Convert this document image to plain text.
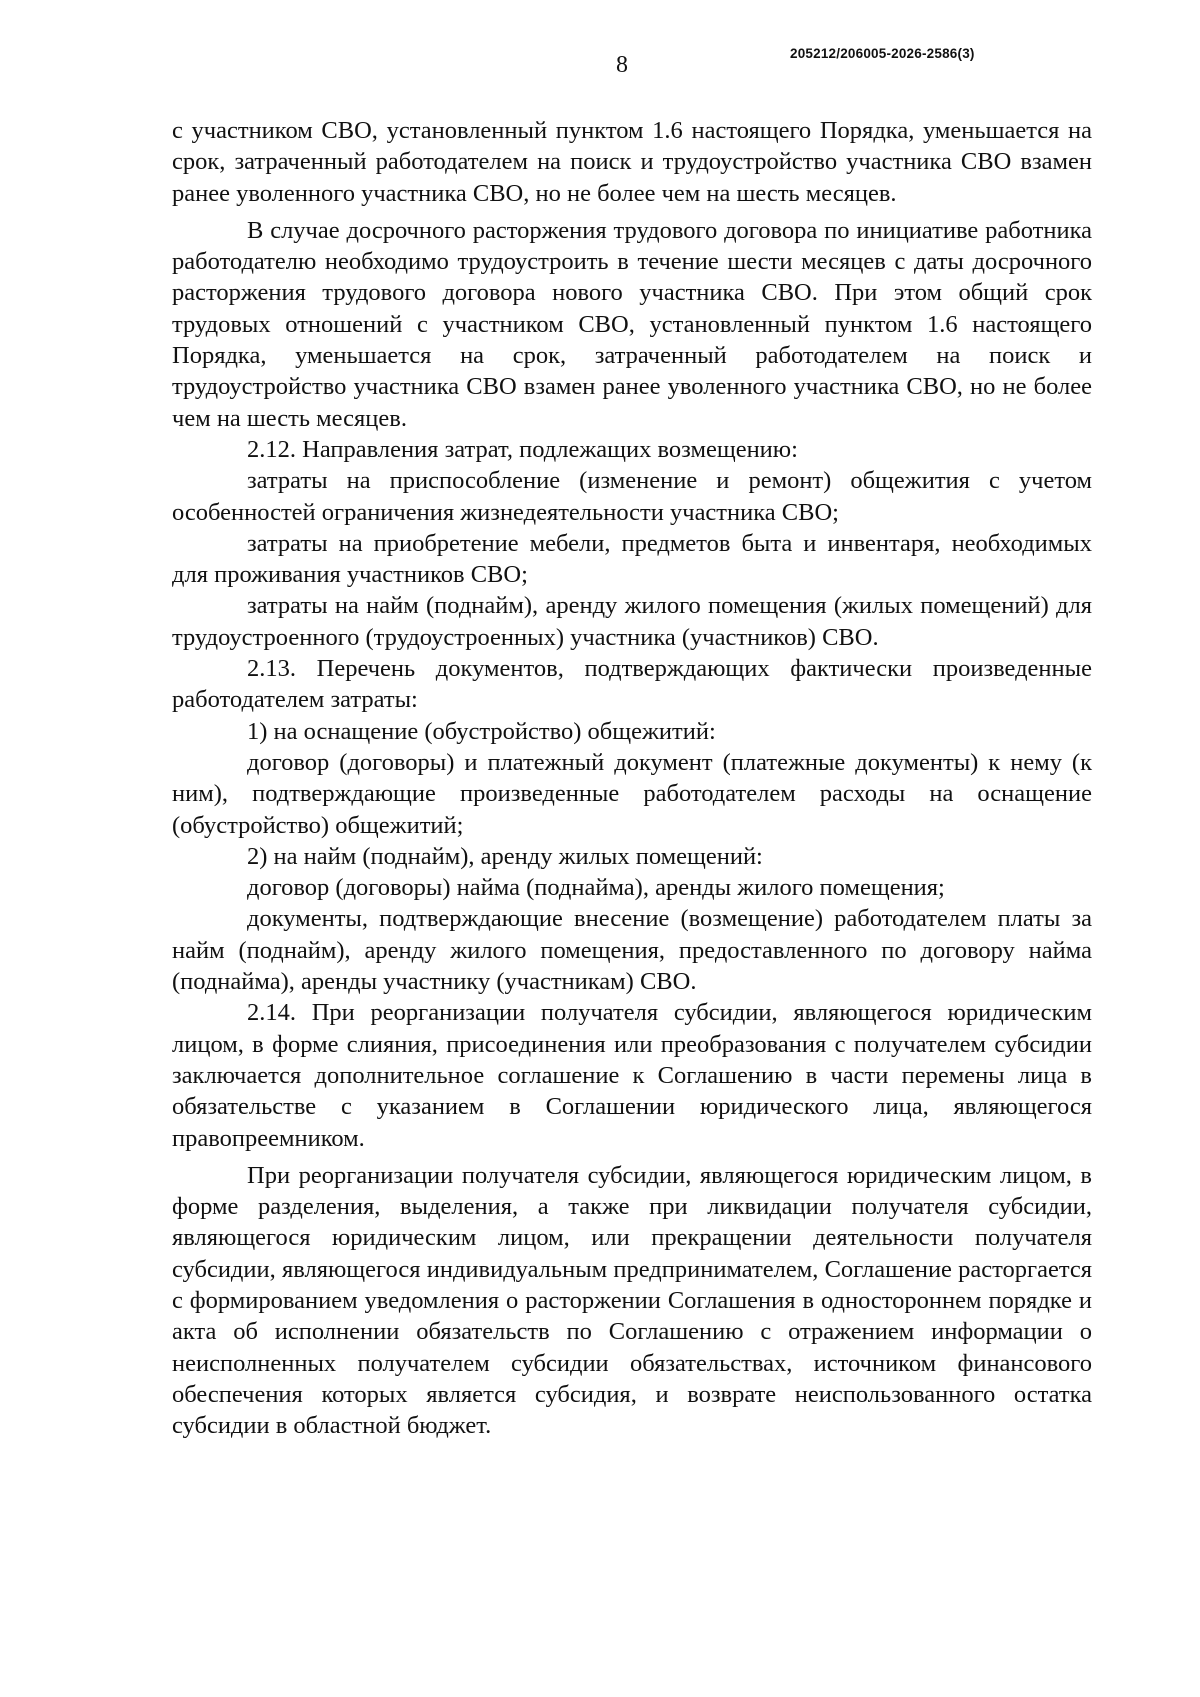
8	205212/206005-2026-2586(3)

с участником СВО, установленный пунктом 1.6 настоящего Порядка, уменьшается на срок, затраченный работодателем на поиск и трудоустройство участника СВО взамен ранее уволенного участника СВО, но не более чем на шесть месяцев.

В случае досрочного расторжения трудового договора по инициативе работника работодателю необходимо трудоустроить в течение шести месяцев с даты досрочного расторжения трудового договора нового участника СВО. При этом общий срок трудовых отношений с участником СВО, установленный пунктом 1.6 настоящего Порядка, уменьшается на срок, затраченный работодателем на поиск и трудоустройство участника СВО взамен ранее уволенного участника СВО, но не более чем на шесть месяцев.

2.12. Направления затрат, подлежащих возмещению:

затраты на приспособление (изменение и ремонт) общежития с учетом особенностей ограничения жизнедеятельности участника СВО;

затраты на приобретение мебели, предметов быта и инвентаря, необходимых для проживания участников СВО;

затраты на найм (поднайм), аренду жилого помещения (жилых помещений) для трудоустроенного (трудоустроенных) участника (участников) СВО.

2.13. Перечень документов, подтверждающих фактически произведенные работодателем затраты:

1) на оснащение (обустройство) общежитий:

договор (договоры) и платежный документ (платежные документы) к нему (к ним), подтверждающие произведенные работодателем расходы на оснащение (обустройство) общежитий;

2) на найм (поднайм), аренду жилых помещений:

договор (договоры) найма (поднайма), аренды жилого помещения;

документы, подтверждающие внесение (возмещение) работодателем платы за найм (поднайм), аренду жилого помещения, предоставленного по договору найма (поднайма), аренды участнику (участникам) СВО.

2.14. При реорганизации получателя субсидии, являющегося юридическим лицом, в форме слияния, присоединения или преобразования с получателем субсидии заключается дополнительное соглашение к Соглашению в части перемены лица в обязательстве с указанием в Соглашении юридического лица, являющегося правопреемником.

При реорганизации получателя субсидии, являющегося юридическим лицом, в форме разделения, выделения, а также при ликвидации получателя субсидии, являющегося юридическим лицом, или прекращении деятельности получателя субсидии, являющегося индивидуальным предпринимателем, Соглашение расторгается с формированием уведомления о расторжении Соглашения в одностороннем порядке и акта об исполнении обязательств по Соглашению с отражением информации о неисполненных получателем субсидии обязательствах, источником финансового обеспечения которых является субсидия, и возврате неиспользованного остатка субсидии в областной бюджет.
